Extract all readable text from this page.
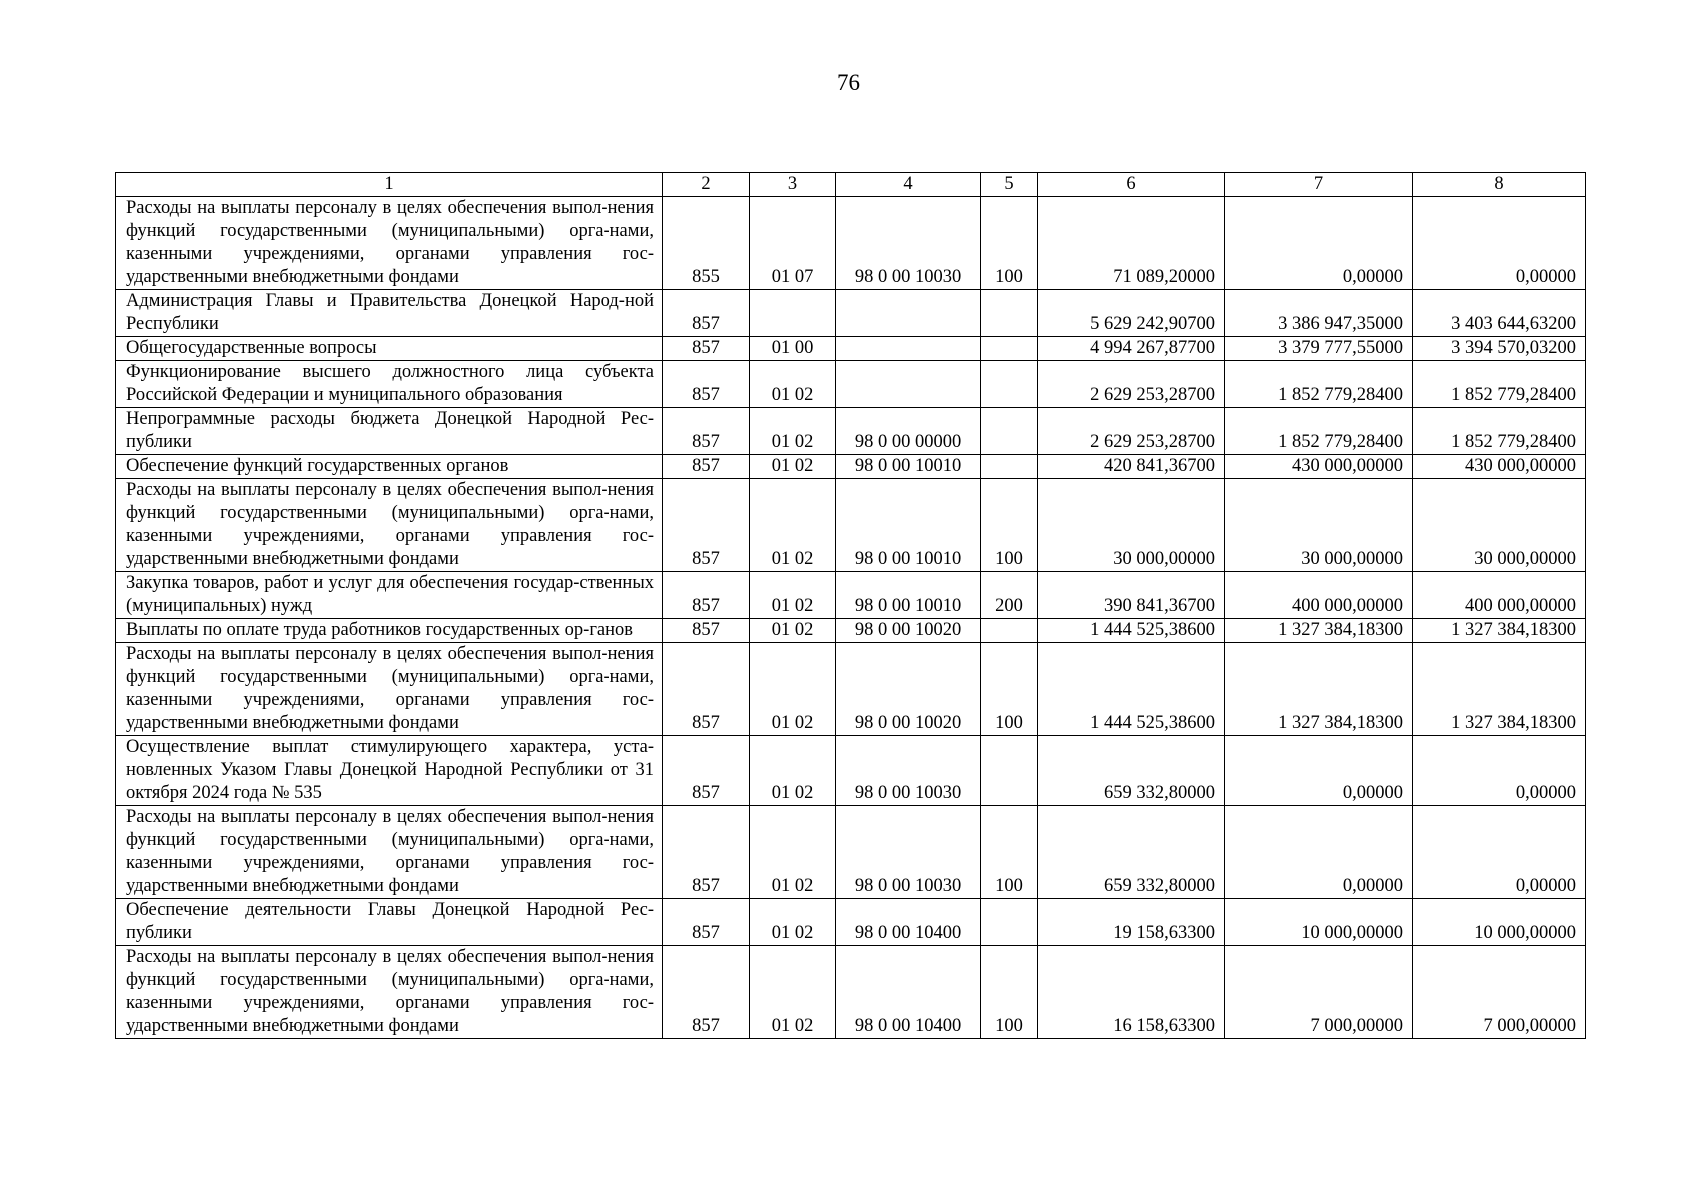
76
1	2	3	4	5	6	7	8
Расходы на выплаты персоналу в целях обеспечения выпол-нения функций государственными (муниципальными) орга-нами, казенными учреждениями, органами управления гос-ударственными внебюджетными фондами	855	01 07	98 0 00 10030	100	71 089,20000	0,00000	0,00000
Администрация Главы и Правительства Донецкой Народ-ной Республики	857				5 629 242,90700	3 386 947,35000	3 403 644,63200
Общегосударственные вопросы	857	01 00			4 994 267,87700	3 379 777,55000	3 394 570,03200
Функционирование высшего должностного лица субъекта Российской Федерации и муниципального образования	857	01 02			2 629 253,28700	1 852 779,28400	1 852 779,28400
Непрограммные расходы бюджета Донецкой Народной Рес-публики	857	01 02	98 0 00 00000		2 629 253,28700	1 852 779,28400	1 852 779,28400
Обеспечение функций государственных органов	857	01 02	98 0 00 10010		420 841,36700	430 000,00000	430 000,00000
Расходы на выплаты персоналу в целях обеспечения выпол-нения функций государственными (муниципальными) орга-нами, казенными учреждениями, органами управления гос-ударственными внебюджетными фондами	857	01 02	98 0 00 10010	100	30 000,00000	30 000,00000	30 000,00000
Закупка товаров, работ и услуг для обеспечения государ-ственных (муниципальных) нужд	857	01 02	98 0 00 10010	200	390 841,36700	400 000,00000	400 000,00000
Выплаты по оплате труда работников государственных ор-ганов	857	01 02	98 0 00 10020		1 444 525,38600	1 327 384,18300	1 327 384,18300
Расходы на выплаты персоналу в целях обеспечения выпол-нения функций государственными (муниципальными) орга-нами, казенными учреждениями, органами управления гос-ударственными внебюджетными фондами	857	01 02	98 0 00 10020	100	1 444 525,38600	1 327 384,18300	1 327 384,18300
Осуществление выплат стимулирующего характера, уста-новленных Указом Главы Донецкой Народной Республики от 31 октября 2024 года № 535	857	01 02	98 0 00 10030		659 332,80000	0,00000	0,00000
Расходы на выплаты персоналу в целях обеспечения выпол-нения функций государственными (муниципальными) орга-нами, казенными учреждениями, органами управления гос-ударственными внебюджетными фондами	857	01 02	98 0 00 10030	100	659 332,80000	0,00000	0,00000
Обеспечение деятельности Главы Донецкой Народной Рес-публики	857	01 02	98 0 00 10400		19 158,63300	10 000,00000	10 000,00000
Расходы на выплаты персоналу в целях обеспечения выпол-нения функций государственными (муниципальными) орга-нами, казенными учреждениями, органами управления гос-ударственными внебюджетными фондами	857	01 02	98 0 00 10400	100	16 158,63300	7 000,00000	7 000,00000
